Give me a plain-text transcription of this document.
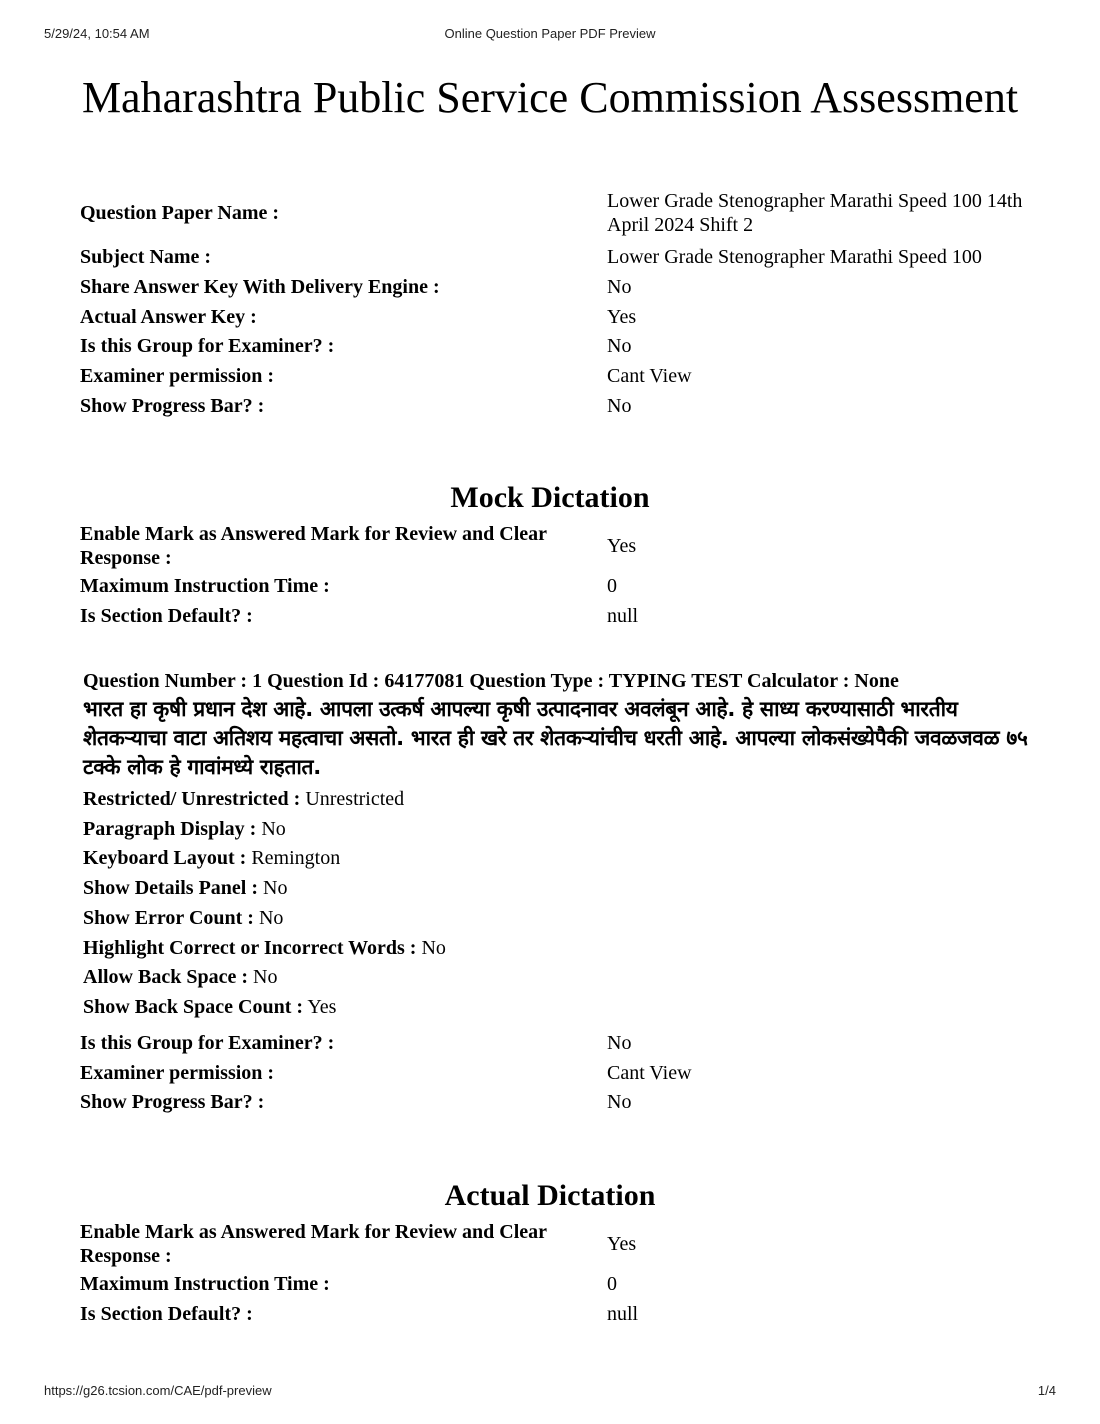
5/29/24, 10:54 AM	Online Question Paper PDF Preview
Maharashtra Public Service Commission Assessment
Question Paper Name :
Lower Grade Stenographer Marathi Speed 100 14th April 2024 Shift 2
Subject Name :	Lower Grade Stenographer Marathi Speed 100
Share Answer Key With Delivery Engine :	No
Actual Answer Key :	Yes
Is this Group for Examiner? :	No
Examiner permission :	Cant View
Show Progress Bar? :	No
Mock Dictation
Enable Mark as Answered Mark for Review and Clear Response :
Yes
Maximum Instruction Time :	0
Is Section Default? :	null
Question Number : 1 Question Id : 64177081 Question Type : TYPING TEST Calculator : None
भारत हा कृषी प्रधान देश आहे. आपला उत्कर्ष आपल्या कृषी उत्पादनावर अवलंबून आहे. हे साध्य करण्यासाठी भारतीय शेतकऱ्याचा वाटा अतिशय महत्वाचा असतो. भारत ही खरे तर शेतकऱ्यांचीच धरती आहे. आपल्या लोकसंख्येपैकी जवळजवळ ७५ टक्के लोक हे गावांमध्ये राहतात.
Restricted/ Unrestricted : Unrestricted
Paragraph Display : No
Keyboard Layout : Remington
Show Details Panel : No
Show Error Count : No
Highlight Correct or Incorrect Words : No
Allow Back Space : No
Show Back Space Count : Yes
Is this Group for Examiner? :	No
Examiner permission :	Cant View
Show Progress Bar? :	No
Actual Dictation
Enable Mark as Answered Mark for Review and Clear Response :
Yes
Maximum Instruction Time :	0
Is Section Default? :	null
https://g26.tcsion.com/CAE/pdf-preview	1/4
